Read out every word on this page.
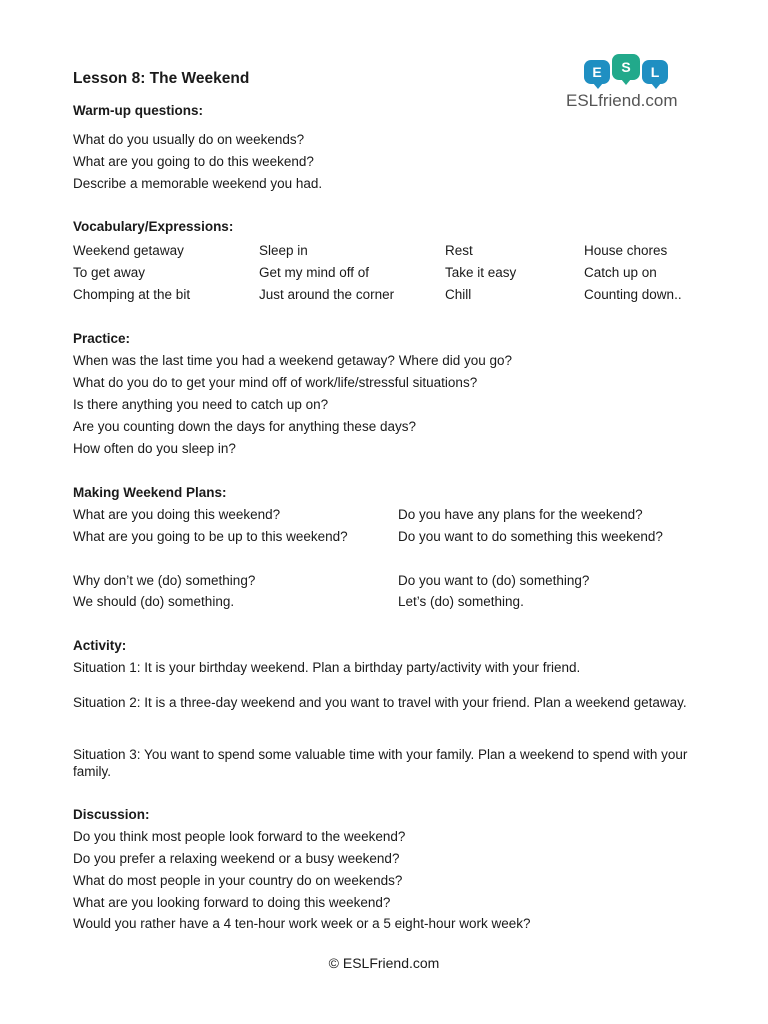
Lesson 8: The Weekend	E	S	L
ESLfriend.com
Warm-up questions:
What do you usually do on weekends?
What are you going to do this weekend?
Describe a memorable weekend you had.
Vocabulary/Expressions:
Weekend getaway	Sleep in	Rest	House chores
To get away	Get my mind off of	Take it easy	Catch up on
Chomping at the bit	Just around the corner	Chill	Counting down..
Practice:
When was the last time you had a weekend getaway? Where did you go?
What do you do to get your mind off of work/life/stressful situations?
Is there anything you need to catch up on?
Are you counting down the days for anything these days?
How often do you sleep in?
Making Weekend Plans:
What are you doing this weekend?	Do you have any plans for the weekend?
What are you going to be up to this weekend?	Do you want to do something this weekend?
Why don’t we (do) something?	Do you want to (do) something?
We should (do) something.	Let’s (do) something.
Activity:
Situation 1: It is your birthday weekend. Plan a birthday party/activity with your friend.
Situation 2: It is a three-day weekend and you want to travel with your friend. Plan a weekend getaway.
Situation 3: You want to spend some valuable time with your family. Plan a weekend to spend with your family.
Discussion:
Do you think most people look forward to the weekend?
Do you prefer a relaxing weekend or a busy weekend?
What do most people in your country do on weekends?
What are you looking forward to doing this weekend?
Would you rather have a 4 ten-hour work week or a 5 eight-hour work week?
© ESLFriend.com
